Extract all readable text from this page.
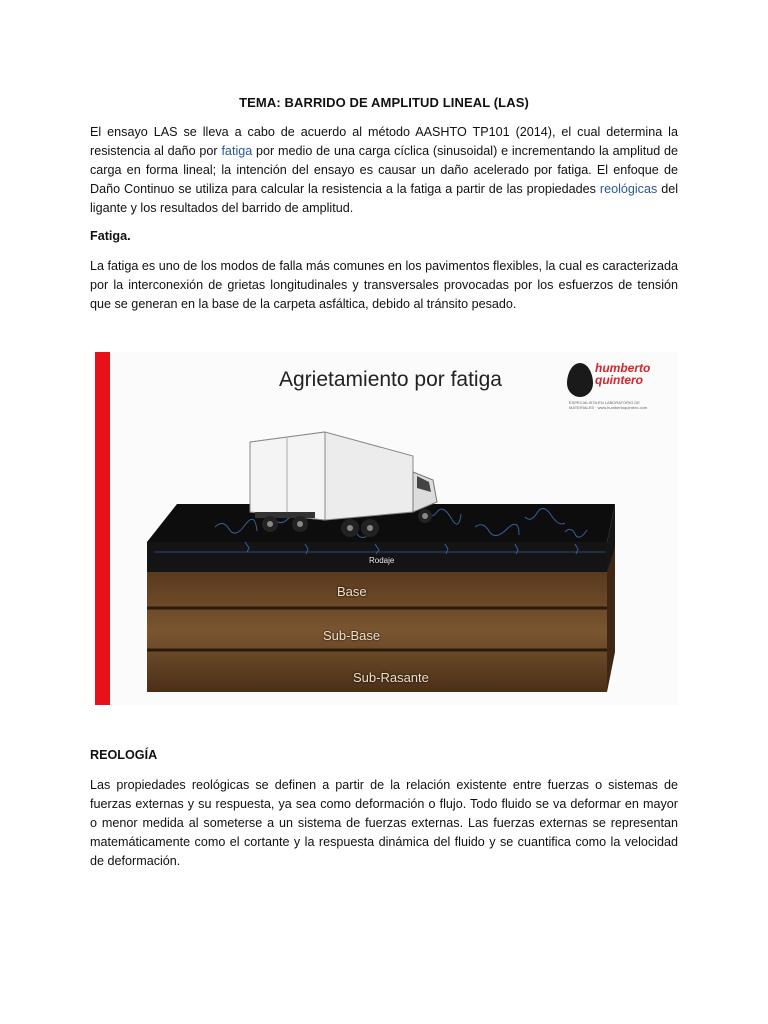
TEMA: BARRIDO DE AMPLITUD LINEAL (LAS)

El ensayo LAS se lleva a cabo de acuerdo al método AASHTO TP101 (2014), el cual determina la resistencia al daño por fatiga por medio de una carga cíclica (sinusoidal) e incrementando la amplitud de carga en forma lineal; la intención del ensayo es causar un daño acelerado por fatiga. El enfoque de Daño Continuo se utiliza para calcular la resistencia a la fatiga a partir de las propiedades reológicas del ligante y los resultados del barrido de amplitud.

Fatiga.

La fatiga es uno de los modos de falla más comunes en los pavimentos flexibles, la cual es caracterizada por la interconexión de grietas longitudinales y transversales provocadas por los esfuerzos de tensión que se generan en la base de la carpeta asfáltica, debido al tránsito pesado.

Agrietamiento por fatiga	humberto
quintero
ESPECIALISTA EN LABORATORIO DE MATERIALES · www.humbertoquintero.com
Rodaje
Base
Sub-Base
Sub-Rasante
REOLOGÍA

Las propiedades reológicas se definen a partir de la relación existente entre fuerzas o sistemas de fuerzas externas y su respuesta, ya sea como deformación o flujo. Todo fluido se va deformar en mayor o menor medida al someterse a un sistema de fuerzas externas. Las fuerzas externas se representan matemáticamente como el cortante y la respuesta dinámica del fluido y se cuantifica como la velocidad de deformación.
